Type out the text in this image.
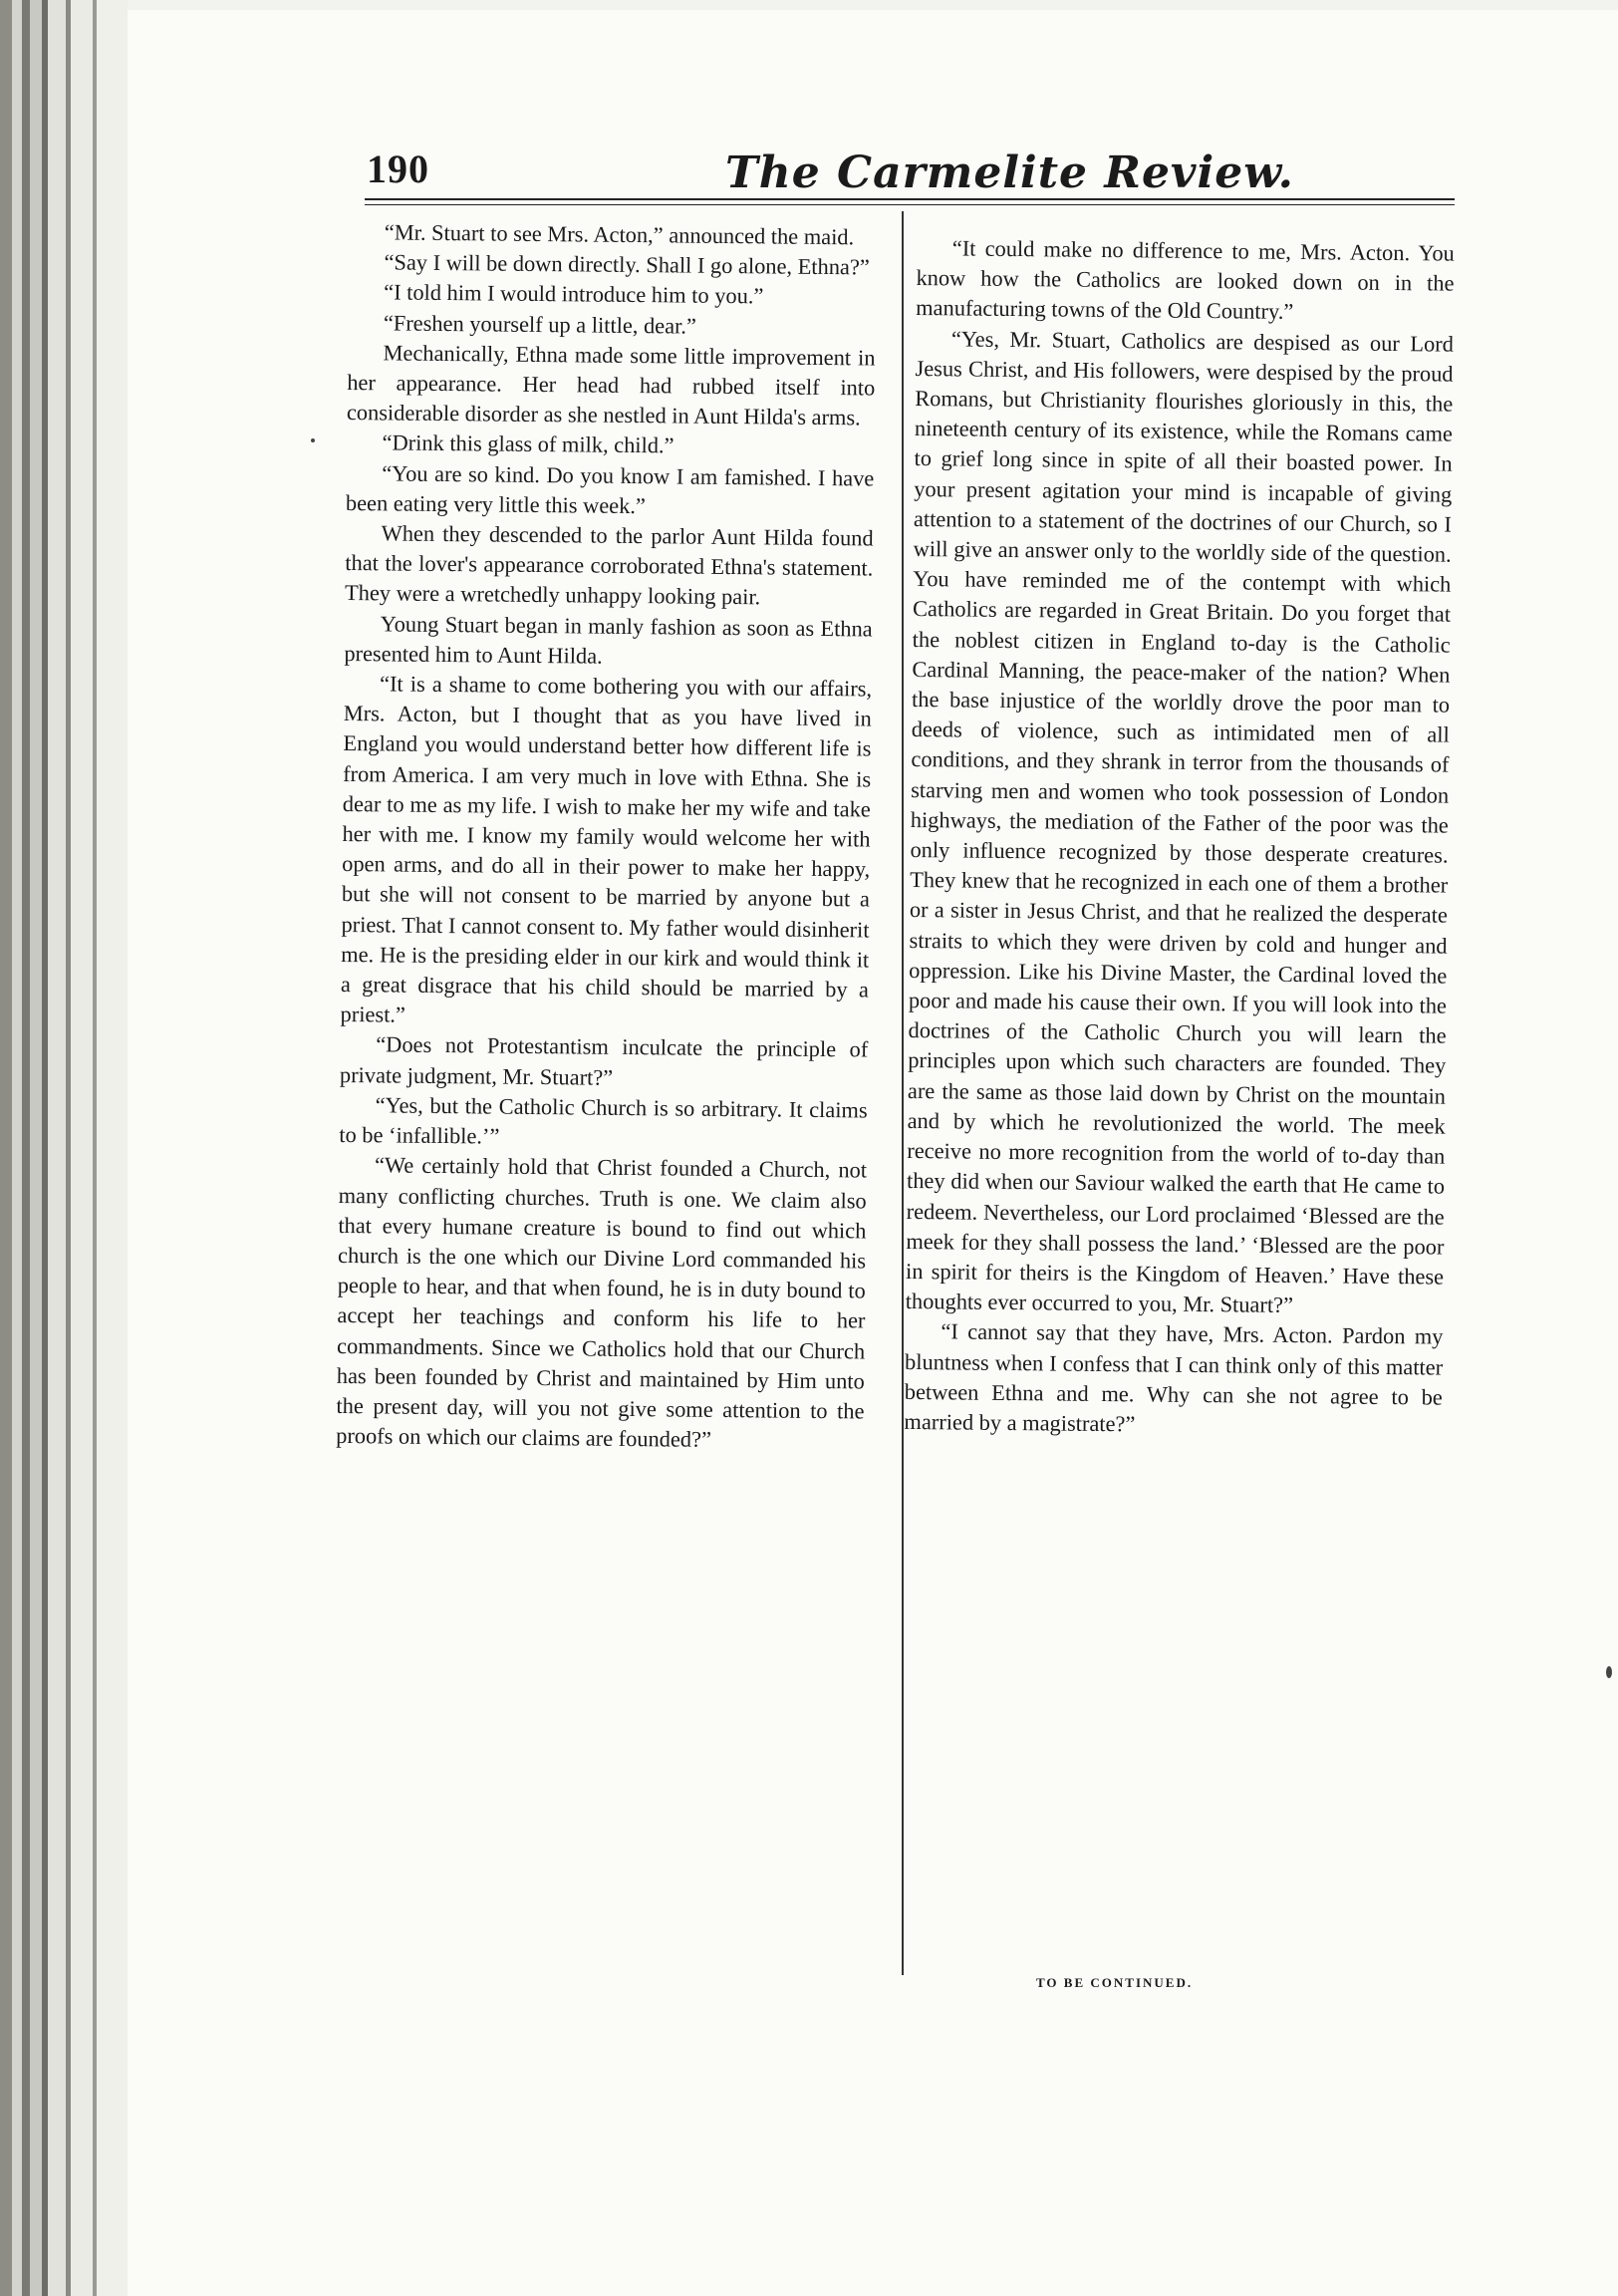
190	The Carmelite Review.

“Mr. Stuart to see Mrs. Acton,” announced the maid.

“Say I will be down directly. Shall I go alone, Ethna?”

“I told him I would introduce him to you.”

“Freshen yourself up a little, dear.”

Mechanically, Ethna made some little improvement in her appearance. Her head had rubbed itself into considerable disorder as she nestled in Aunt Hilda's arms.

“Drink this glass of milk, child.”

“You are so kind. Do you know I am famished. I have been eating very little this week.”

When they descended to the parlor Aunt Hilda found that the lover's appearance corroborated Ethna's statement. They were a wretchedly unhappy looking pair.

Young Stuart began in manly fashion as soon as Ethna presented him to Aunt Hilda.

“It is a shame to come bothering you with our affairs, Mrs. Acton, but I thought that as you have lived in England you would understand better how different life is from America. I am very much in love with Ethna. She is dear to me as my life. I wish to make her my wife and take her with me. I know my family would welcome her with open arms, and do all in their power to make her happy, but she will not consent to be married by anyone but a priest. That I cannot consent to. My father would disinherit me. He is the presiding elder in our kirk and would think it a great disgrace that his child should be married by a priest.”

“Does not Protestantism inculcate the principle of private judgment, Mr. Stuart?”

“Yes, but the Catholic Church is so arbitrary. It claims to be ‘infallible.’”

“We certainly hold that Christ founded a Church, not many conflicting churches. Truth is one. We claim also that every humane creature is bound to find out which church is the one which our Divine Lord commanded his people to hear, and that when found, he is in duty bound to accept her teachings and conform his life to her commandments. Since we Catholics hold that our Church has been founded by Christ and maintained by Him unto the present day, will you not give some attention to the proofs on which our claims are founded?”

“It could make no difference to me, Mrs. Acton. You know how the Catholics are looked down on in the manufacturing towns of the Old Country.”

“Yes, Mr. Stuart, Catholics are despised as our Lord Jesus Christ, and His followers, were despised by the proud Romans, but Christianity flourishes gloriously in this, the nineteenth century of its existence, while the Romans came to grief long since in spite of all their boasted power. In your present agitation your mind is incapable of giving attention to a statement of the doctrines of our Church, so I will give an answer only to the worldly side of the question. You have reminded me of the contempt with which Catholics are regarded in Great Britain. Do you forget that the noblest citizen in England to-day is the Catholic Cardinal Manning, the peace-maker of the nation? When the base injustice of the worldly drove the poor man to deeds of violence, such as intimidated men of all conditions, and they shrank in terror from the thousands of starving men and women who took possession of London highways, the mediation of the Father of the poor was the only influence recognized by those desperate creatures. They knew that he recognized in each one of them a brother or a sister in Jesus Christ, and that he realized the desperate straits to which they were driven by cold and hunger and oppression. Like his Divine Master, the Cardinal loved the poor and made his cause their own. If you will look into the doctrines of the Catholic Church you will learn the principles upon which such characters are founded. They are the same as those laid down by Christ on the mountain and by which he revolutionized the world. The meek receive no more recognition from the world of to-day than they did when our Saviour walked the earth that He came to redeem. Nevertheless, our Lord proclaimed ‘Blessed are the meek for they shall possess the land.’ ‘Blessed are the poor in spirit for theirs is the Kingdom of Heaven.’ Have these thoughts ever occurred to you, Mr. Stuart?”

“I cannot say that they have, Mrs. Acton. Pardon my bluntness when I confess that I can think only of this matter between Ethna and me. Why can she not agree to be married by a magistrate?”

TO BE CONTINUED.
